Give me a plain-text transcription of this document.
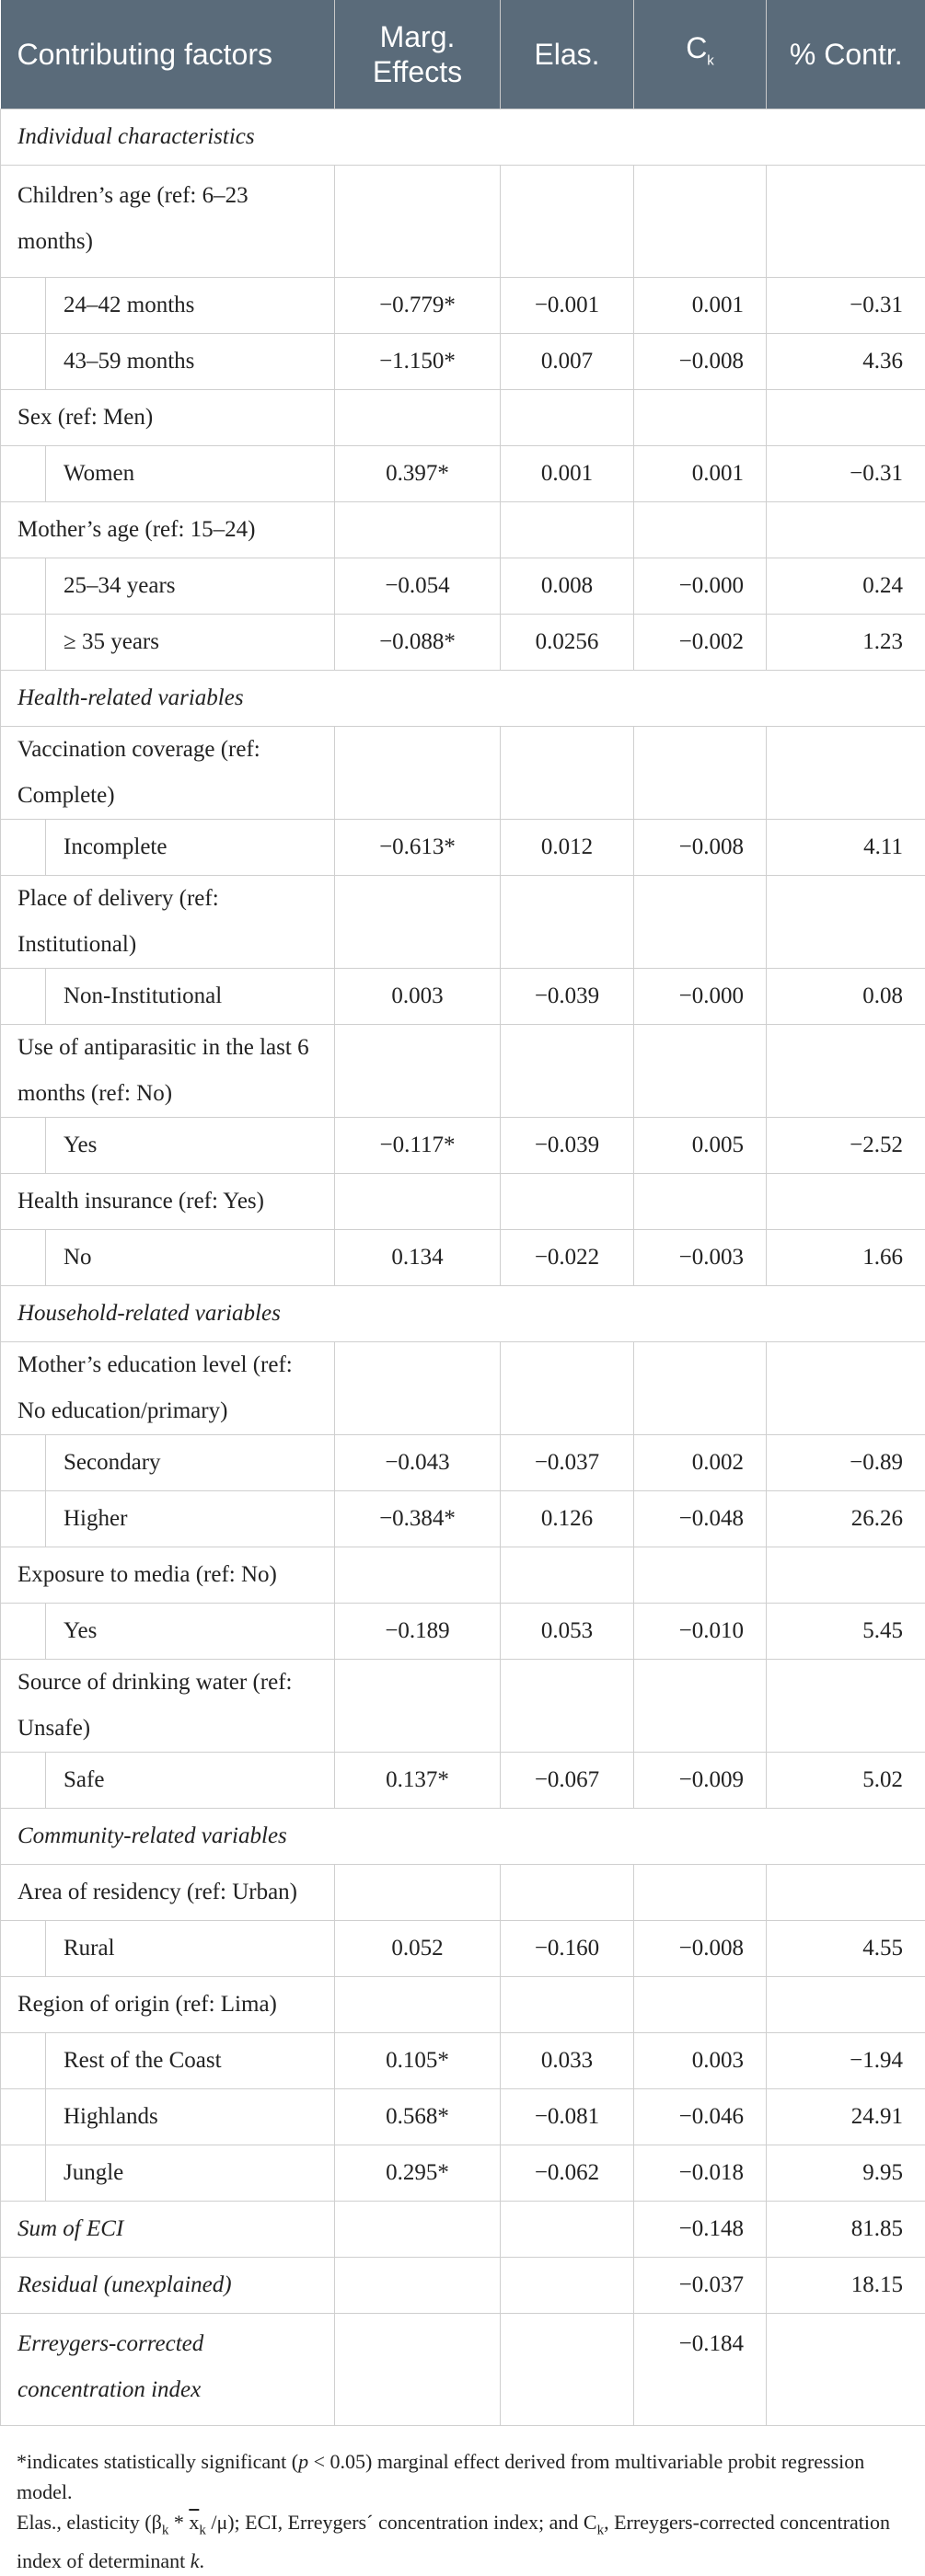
Contributing factors	Marg. Effects	Elas.	$C_k$	% Contr.
Individual characteristics				
Children’s age (ref: 6–23 months)				

24–42 months	−0.779*	−0.001	0.001	−0.31

43–59 months	−1.150*	0.007	−0.008	4.36
Sex (ref: Men)				

Women	0.397*	0.001	0.001	−0.31
Mother’s age (ref: 15–24)				

25–34 years	−0.054	0.008	−0.000	0.24

≥ 35 years	−0.088*	0.0256	−0.002	1.23
Health-related variables				
Vaccination coverage (ref: Complete)				

Incomplete	−0.613*	0.012	−0.008	4.11
Place of delivery (ref: Institutional)				

Non-Institutional	0.003	−0.039	−0.000	0.08
Use of antiparasitic in the last 6 months (ref: No)				

Yes	−0.117*	−0.039	0.005	−2.52
Health insurance (ref: Yes)				

No	0.134	−0.022	−0.003	1.66
Household-related variables				
Mother’s education level (ref: No education/primary)				

Secondary	−0.043	−0.037	0.002	−0.89

Higher	−0.384*	0.126	−0.048	26.26
Exposure to media (ref: No)				

Yes	−0.189	0.053	−0.010	5.45
Source of drinking water (ref: Unsafe)				

Safe	0.137*	−0.067	−0.009	5.02
Community-related variables				
Area of residency (ref: Urban)				

Rural	0.052	−0.160	−0.008	4.55
Region of origin (ref: Lima)				

Rest of the Coast	0.105*	0.033	0.003	−1.94

Highlands	0.568*	−0.081	−0.046	24.91

Jungle	0.295*	−0.062	−0.018	9.95
Sum of ECI			−0.148	81.85
Residual (unexplained)			−0.037	18.15
Erreygers-corrected concentration index			−0.184	

*indicates statistically significant (p < 0.05) marginal effect derived from multivariable probit regression model.

Elas., elasticity ($\beta_k * \overline{x}_k$ /μ); ECI, Erreygers´ concentration index; and $C_k$, Erreygers-corrected concentration index of determinant k.
